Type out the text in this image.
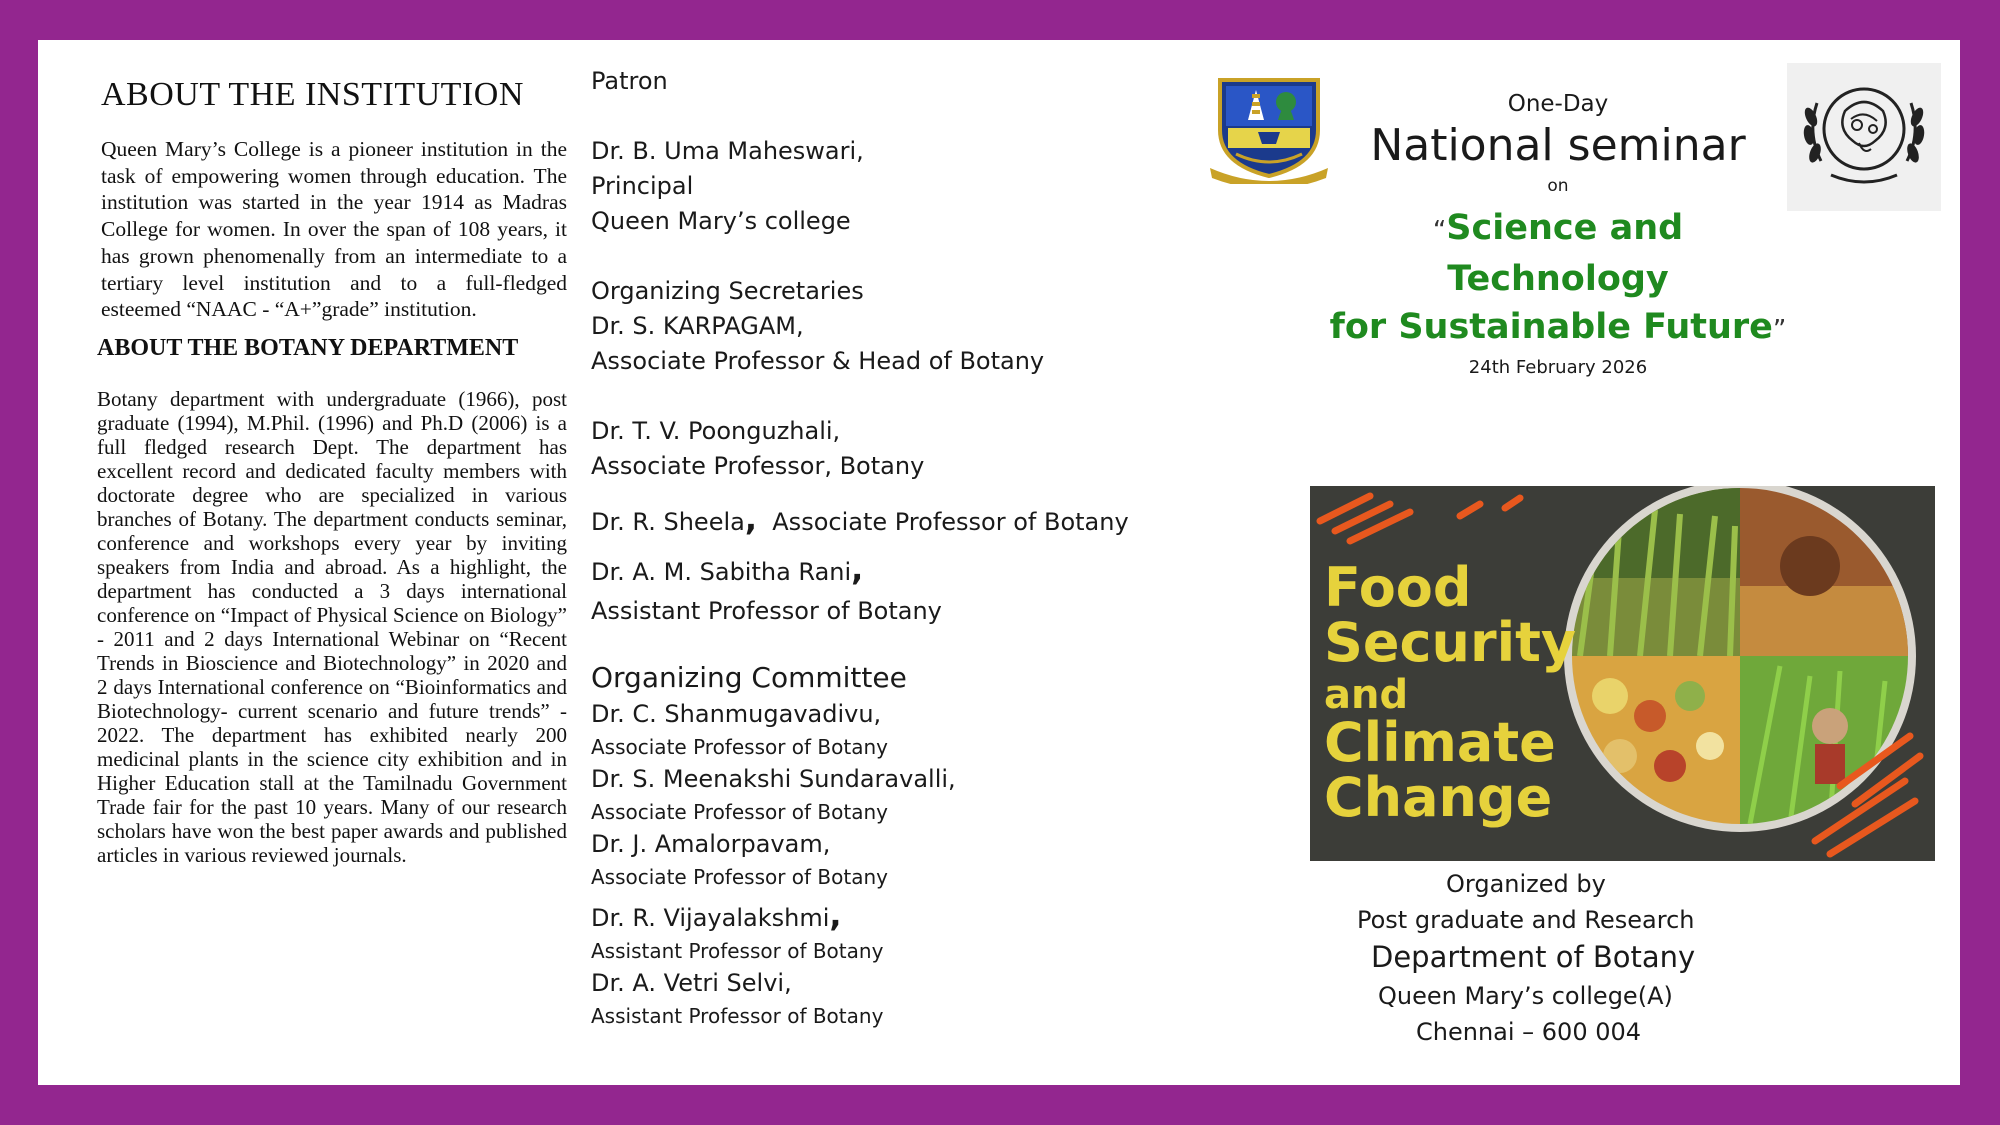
ABOUT THE INSTITUTION
Queen Mary’s College is a pioneer institution in the task of empowering women through education. The institution was started in the year 1914 as Madras College for women. In over the span of 108 years, it has grown phenomenally from an intermediate to a tertiary level institution and to a full-fledged esteemed “NAAC - “A+”grade” institution.
ABOUT THE BOTANY DEPARTMENT
Botany department with undergraduate (1966), post graduate (1994), M.Phil. (1996) and Ph.D (2006) is a full fledged research Dept. The department has excellent record and dedicated faculty members with doctorate degree who are specialized in various branches of Botany. The department conducts seminar, conference and workshops every year by inviting speakers from India and abroad. As a highlight, the department has conducted a 3 days international conference on “Impact of Physical Science on Biology” - 2011 and 2 days International Webinar on “Recent Trends in Bioscience and Biotechnology” in 2020 and 2 days International conference on “Bioinformatics and Biotechnology- current scenario and future trends” - 2022. The department has exhibited nearly 200 medicinal plants in the science city exhibition and in Higher Education stall at the Tamilnadu Government Trade fair for the past 10 years. Many of our research scholars have won the best paper awards and published articles in various reviewed journals.
Patron
Dr. B. Uma Maheswari,
Principal
Queen Mary’s college
Organizing Secretaries
Dr. S. KARPAGAM,
Associate Professor & Head of Botany
Dr. T. V. Poonguzhali,
Associate Professor, Botany
Dr. R. Sheela, Associate Professor of Botany
Dr. A. M. Sabitha Rani,
Assistant Professor of Botany
Organizing Committee
Dr. C. Shanmugavadivu,
Associate Professor of Botany
Dr. S. Meenakshi Sundaravalli,
Associate Professor of Botany
Dr. J. Amalorpavam,
Associate Professor of Botany
Dr. R. Vijayalakshmi,
Assistant Professor of Botany
Dr. A. Vetri Selvi,
Assistant Professor of Botany
One-Day
National seminar
on
“Science and Technology
for Sustainable Future”
24th February 2026
Food
Security
and
Climate
Change
Organized by
Post graduate and Research
Department of Botany
Queen Mary’s college(A)
Chennai – 600 004
